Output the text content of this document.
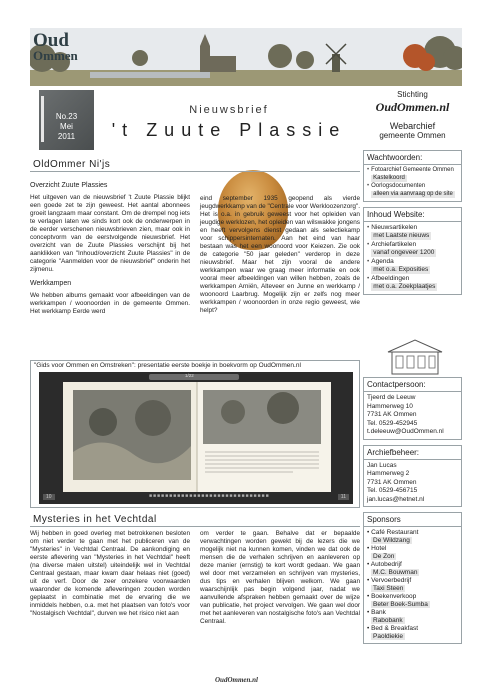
Oud
Ommen
No.23
Mei
2011
Nieuwsbrief
't Zuute Plassie
Stichting
OudOmmen.nl
Webarchief
gemeente Ommen
Wachtwoorden:
• Fotoarchief Gemeente Ommen
Kastelkoord
• Oorlogsdocumenten
alleen via aanvraag op de site
Inhoud Website:
• Nieuwsartikelen
met Laatste nieuws
• Archiefartikelen
vanaf ongeveer 1200
• Agenda
met o.a. Exposities
• Afbeeldingen
met o.a. Zoekplaatjes
Contactpersoon:
Tjeerd de Leeuw
Hammerweg 10
7731 AK Ommen
Tel. 0529-452945
t.deleeuw@OudOmmen.nl
Archiefbeheer:
Jan Lucas
Hammerweg 2
7731 AK Ommen
Tel. 0529-456715
jan.lucas@hetnet.nl
Sponsors
• Café Restaurant
De Wildzang
• Hotel
De Zon
• Autobedrijf
M.C. Bouwman
• Vervoerbedrijf
Taxi Steen
• Boekenverkoop
Beter Boek-Sumba
• Bank
Rabobank
• Bed & Breakfast
Paoldiekie
OldOmmer Ni'js
Overzicht Zuute Plassies

Het uitgeven van de nieuwsbrief 't Zuute Plassie blijkt een goede zet te zijn geweest. Het aantal abonnees groeit langzaam maar constant. Om de drempel nog iets te verlagen laten we sinds kort ook de onderwerpen in de eerder verschenen nieuwsbrieven zien, maar ook in conceptvorm van de eerstvolgende nieuwsbrief. Het overzicht van de Zuute Plassies verschijnt bij het aanklikken van "Inhoud/overzicht Zuute Plassies" in de categorie "Aanmelden voor de nieuwsbrief" onderin het zijmenu.

Werkkampen

We hebben albums gemaakt voor afbeeldingen van de werkkampen / woonoorden in de gemeente Ommen. Het werkkamp Eerde werd

eind september 1935 geopend als vierde jeugdwerkkamp van de "Centrale voor Werkloozenzorg". Het is o.a. in gebruik geweest voor het opleiden van jeugdige werklozen, het opleiden van wilswakke jongens en heeft vervolgens dienst gedaan als selectiekamp voor schippersinternaten. Aan het eind van haar bestaan was het een woonoord voor Keiezen. Zie ook de categorie "50 jaar geleden" verderop in deze nieuwsbrief. Maar het zijn vooral de andere werkkampen waar we graag meer informatie en ook vooral meer afbeeldingen van willen hebben, zoals de werkkampen Arniën, Alteveer en Junne en werkkamp / woonoord Laarbrug. Mogelijk zijn er zelfs nog meer werkkampen / woonoorden in onze regio geweest, wie helpt?

"Gids voor Ommen en Omstreken": presentatie eerste boekje in boekvorm op OudOmmen.nl
1/22
10	■■■■■■■■■■■■■■■■■■■■■■■■■■■■■■	11
Mysteries in het Vechtdal

Wij hebben in goed overleg met betrokkenen besloten om niet verder te gaan met het publiceren van de "Mysteries" in Vechtdal Centraal. De aankondiging en eerste aflevering van "Mysteries in het Vechtdal" heeft (na diverse malen uitstel) uiteindelijk wel in Vechtdal Centraal gestaan, maar kwam daar helaas niet (goed) uit de verf. Door de zeer onzekere voorwaarden waaronder de komende afleveringen zouden worden geplaatst in combinatie met de ervaring die we inmiddels hebben, o.a. met het plaatsen van foto's voor "Nostalgisch Vechtdal", durven we het risico niet aan

om verder te gaan. Behalve dat er bepaalde verwachtingen worden gewekt bij de lezers die we mogelijk niet na kunnen komen, vinden we dat ook de mensen die de verhalen schrijven en aanleveren op deze manier (ernstig) te kort wordt gedaan. We gaan wel door met verzamelen en schrijven van mysteries, dus tips en verhalen blijven welkom. We gaan waarschijnlijk pas begin volgend jaar, nadat we aanvullende afspraken hebben gemaakt over de wijze van publicatie, het project vervolgen. We gaan wel door met het aanleveren van nostalgische foto's aan Vechtdal Centraal.

OudOmmen.nl
